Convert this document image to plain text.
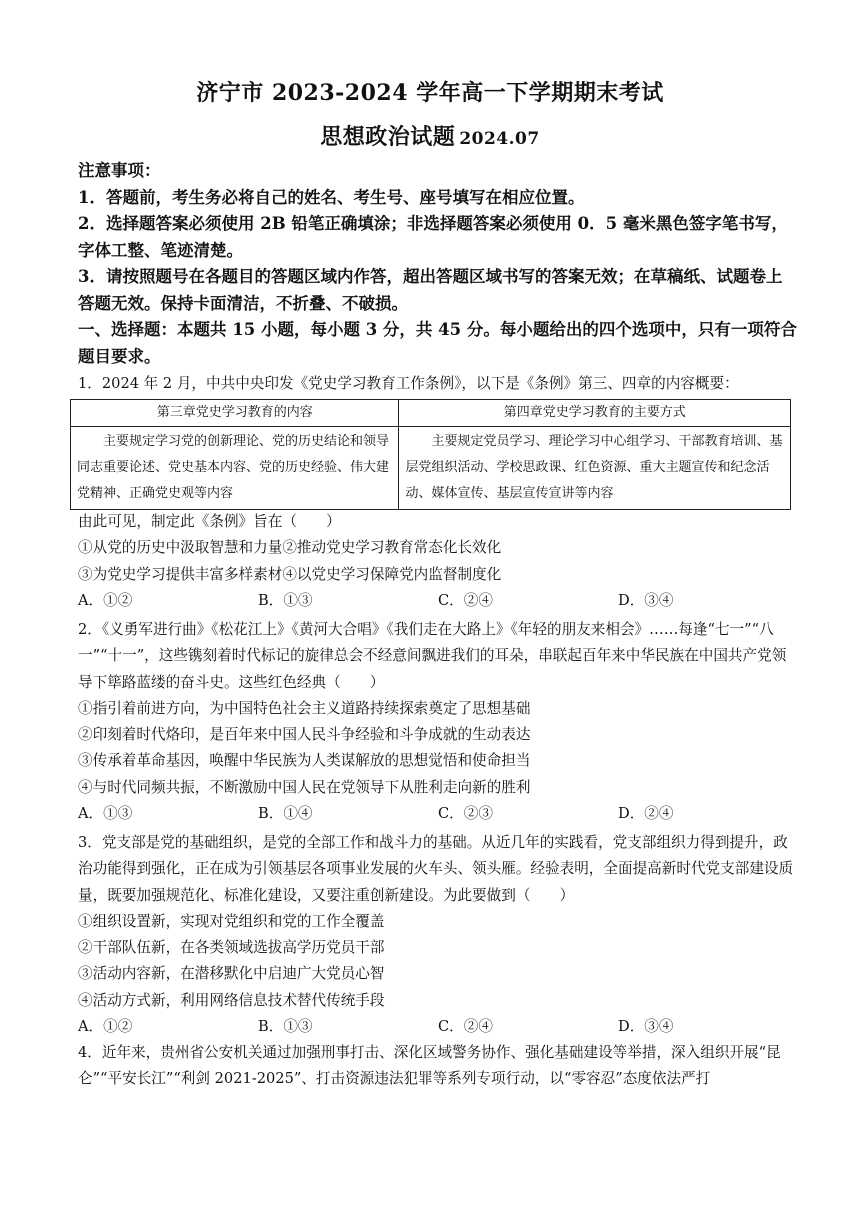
济宁市 2023-2024 学年高一下学期期末考试
思想政治试题 2024.07

注意事项：

1．答题前，考生务必将自己的姓名、考生号、座号填写在相应位置。

2．选择题答案必须使用 2B 铅笔正确填涂；非选择题答案必须使用 0．5 毫米黑色签字笔书写，字体工整、笔迹清楚。

3．请按照题号在各题目的答题区域内作答，超出答题区域书写的答案无效；在草稿纸、试题卷上答题无效。保持卡面清洁，不折叠、不破损。

一、选择题：本题共 15 小题，每小题 3 分，共 45 分。每小题给出的四个选项中，只有一项符合题目要求。

1．2024 年 2 月，中共中央印发《党史学习教育工作条例》，以下是《条例》第三、四章的内容概要：

第三章党史学习教育的内容	第四章党史学习教育的主要方式
主要规定学习党的创新理论、党的历史结论和领导同志重要论述、党史基本内容、党的历史经验、伟大建党精神、正确党史观等内容	主要规定党员学习、理论学习中心组学习、干部教育培训、基层党组织活动、学校思政课、红色资源、重大主题宣传和纪念活动、媒体宣传、基层宣传宣讲等内容

由此可见，制定此《条例》旨在（　　）

①从党的历史中汲取智慧和力量②推动党史学习教育常态化长效化

③为党史学习提供丰富多样素材④以党史学习保障党内监督制度化

A．①②	B．①③	C．②④	D．③④

2．《义勇军进行曲》《松花江上》《黄河大合唱》《我们走在大路上》《年轻的朋友来相会》……每逢“七一”“八一”“十一”，这些镌刻着时代标记的旋律总会不经意间飘进我们的耳朵，串联起百年来中华民族在中国共产党领导下筚路蓝缕的奋斗史。这些红色经典（　　）

①指引着前进方向，为中国特色社会主义道路持续探索奠定了思想基础

②印刻着时代烙印，是百年来中国人民斗争经验和斗争成就的生动表达

③传承着革命基因，唤醒中华民族为人类谋解放的思想觉悟和使命担当

④与时代同频共振，不断激励中国人民在党领导下从胜利走向新的胜利

A．①③	B．①④	C．②③	D．②④

3．党支部是党的基础组织，是党的全部工作和战斗力的基础。从近几年的实践看，党支部组织力得到提升，政治功能得到强化，正在成为引领基层各项事业发展的火车头、领头雁。经验表明，全面提高新时代党支部建设质量，既要加强规范化、标准化建设，又要注重创新建设。为此要做到（　　）

①组织设置新，实现对党组织和党的工作全覆盖

②干部队伍新，在各类领域选拔高学历党员干部

③活动内容新，在潜移默化中启迪广大党员心智

④活动方式新，利用网络信息技术替代传统手段

A．①②	B．①③	C．②④	D．③④

4．近年来，贵州省公安机关通过加强刑事打击、深化区域警务协作、强化基础建设等举措，深入组织开展“昆仑”“平安长江”“利剑 2021-2025”、打击资源违法犯罪等系列专项行动，以“零容忍”态度依法严打
